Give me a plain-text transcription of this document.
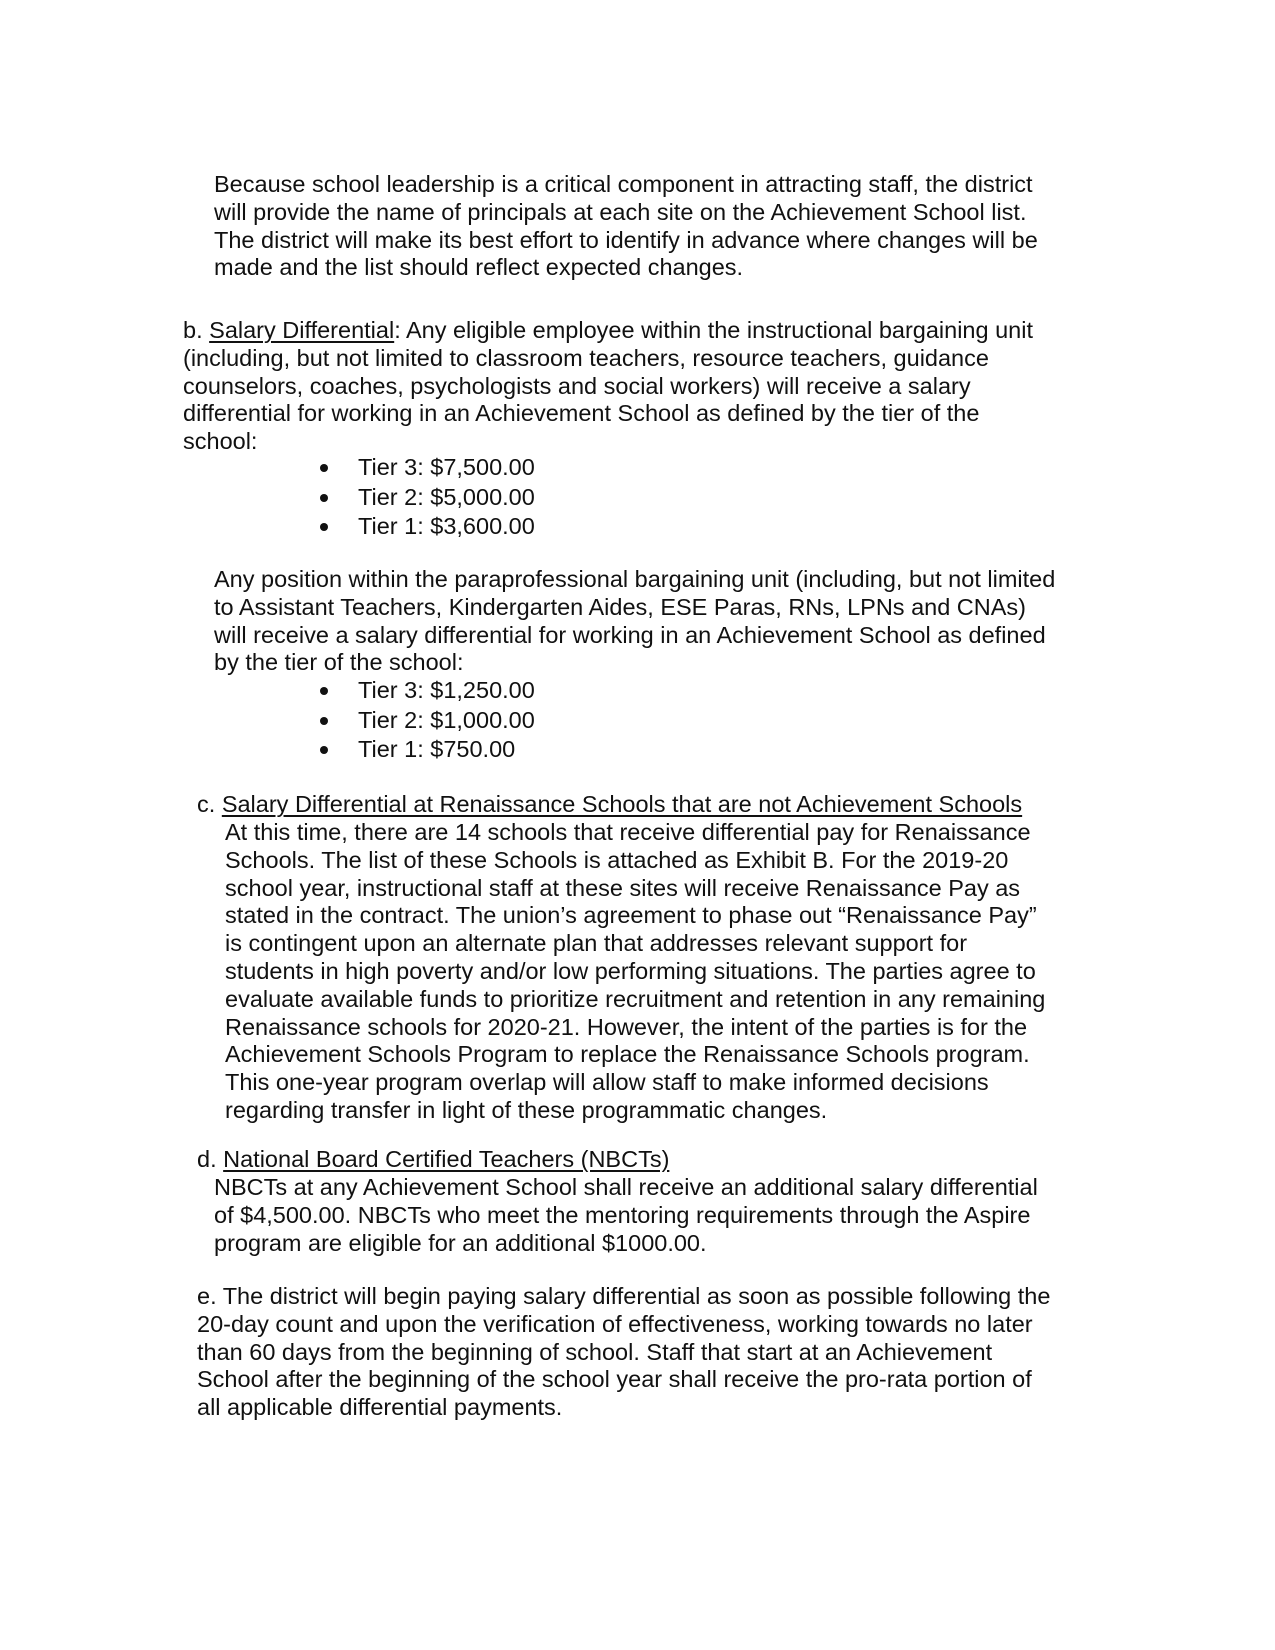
Because school leadership is a critical component in attracting staff, the district
will provide the name of principals at each site on the Achievement School list.
The district will make its best effort to identify in advance where changes will be
made and the list should reflect expected changes.
b. Salary Differential: Any eligible employee within the instructional bargaining unit
(including, but not limited to classroom teachers, resource teachers, guidance
counselors, coaches, psychologists and social workers) will receive a salary
differential for working in an Achievement School as defined by the tier of the
school:
Tier 3: $7,500.00
Tier 2: $5,000.00
Tier 1: $3,600.00
Any position within the paraprofessional bargaining unit (including, but not limited
to Assistant Teachers, Kindergarten Aides, ESE Paras, RNs, LPNs and CNAs)
will receive a salary differential for working in an Achievement School as defined
by the tier of the school:
Tier 3: $1,250.00
Tier 2: $1,000.00
Tier 1: $750.00
c. Salary Differential at Renaissance Schools that are not Achievement Schools
At this time, there are 14 schools that receive differential pay for Renaissance
Schools. The list of these Schools is attached as Exhibit B. For the 2019-20
school year, instructional staff at these sites will receive Renaissance Pay as
stated in the contract. The union’s agreement to phase out “Renaissance Pay”
is contingent upon an alternate plan that addresses relevant support for
students in high poverty and/or low performing situations. The parties agree to
evaluate available funds to prioritize recruitment and retention in any remaining
Renaissance schools for 2020-21. However, the intent of the parties is for the
Achievement Schools Program to replace the Renaissance Schools program.
This one-year program overlap will allow staff to make informed decisions
regarding transfer in light of these programmatic changes.
d. National Board Certified Teachers (NBCTs)
NBCTs at any Achievement School shall receive an additional salary differential
of $4,500.00. NBCTs who meet the mentoring requirements through the Aspire
program are eligible for an additional $1000.00.
e. The district will begin paying salary differential as soon as possible following the
20-day count and upon the verification of effectiveness, working towards no later
than 60 days from the beginning of school. Staff that start at an Achievement
School after the beginning of the school year shall receive the pro-rata portion of
all applicable differential payments.
